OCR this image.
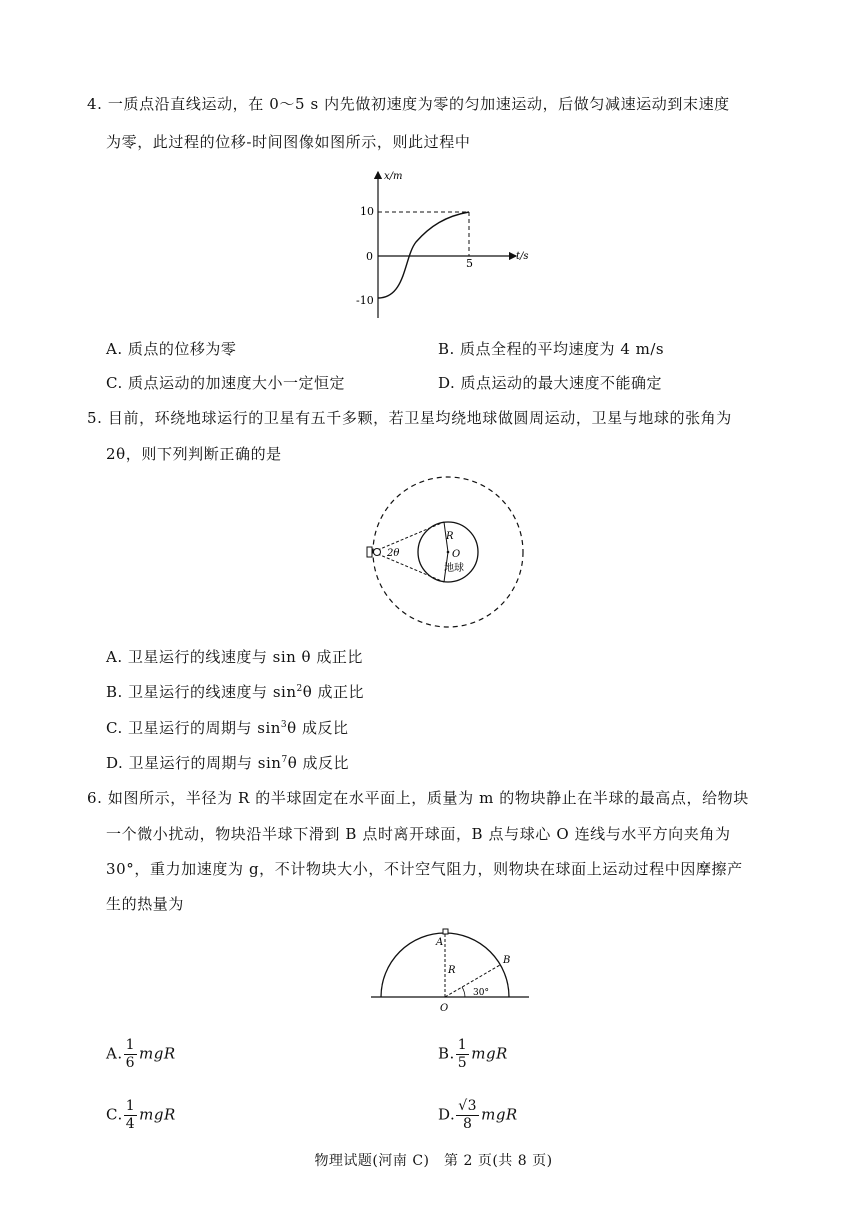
4. 一质点沿直线运动，在 0～5 s 内先做初速度为零的匀加速运动，后做匀减速运动到末速度
为零，此过程的位移-时间图像如图所示，则此过程中
x/m
t/s
10
0
-10
5
A. 质点的位移为零	B. 质点全程的平均速度为 4 m/s
C. 质点运动的加速度大小一定恒定	D. 质点运动的最大速度不能确定
5. 目前，环绕地球运行的卫星有五千多颗，若卫星均绕地球做圆周运动，卫星与地球的张角为
2θ，则下列判断正确的是
2θ
R
O
地球
A. 卫星运行的线速度与 sin θ 成正比
B. 卫星运行的线速度与 $\sin^2\theta$ 成正比
C. 卫星运行的周期与 $\sin^3\theta$ 成反比
D. 卫星运行的周期与 $\sin^7\theta$ 成反比
6. 如图所示，半径为 R 的半球固定在水平面上，质量为 m 的物块静止在半球的最高点，给物块
一个微小扰动，物块沿半球下滑到 B 点时离开球面，B 点与球心 O 连线与水平方向夹角为
30°，重力加速度为 g，不计物块大小，不计空气阻力，则物块在球面上运动过程中因摩擦产
生的热量为
A
B
R
O
30°
A. $\frac{1}{6}$ mgR	B. $\frac{1}{5}$ mgR
C. $\frac{1}{4}$ mgR	D. $\frac{√3}{8}$ mgR
物理试题(河南 C)　第 2 页(共 8 页)
